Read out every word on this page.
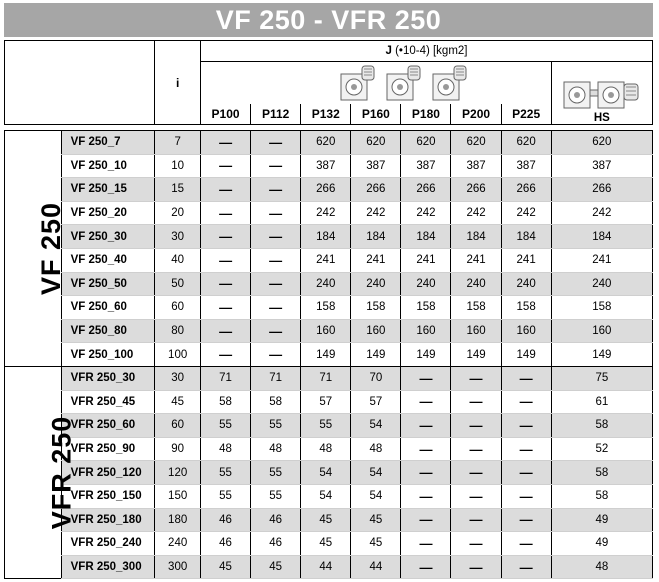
VF 250 - VFR 250
	i	J (•10-4) [kgm2]							

HS
		P100	P112	P132	P160	P180	P200	P225	
VF 250	VF 250_7	7	—	—	620	620	620	620	620	620
	VF 250_10	10	—	—	387	387	387	387	387	387
	VF 250_15	15	—	—	266	266	266	266	266	266
	VF 250_20	20	—	—	242	242	242	242	242	242
	VF 250_30	30	—	—	184	184	184	184	184	184
	VF 250_40	40	—	—	241	241	241	241	241	241
	VF 250_50	50	—	—	240	240	240	240	240	240
	VF 250_60	60	—	—	158	158	158	158	158	158
	VF 250_80	80	—	—	160	160	160	160	160	160
	VF 250_100	100	—	—	149	149	149	149	149	149
VFR 250	VFR 250_30	30	71	71	71	70	—	—	—	75
	VFR 250_45	45	58	58	57	57	—	—	—	61
	VFR 250_60	60	55	55	55	54	—	—	—	58
	VFR 250_90	90	48	48	48	48	—	—	—	52
	VFR 250_120	120	55	55	54	54	—	—	—	58
	VFR 250_150	150	55	55	54	54	—	—	—	58
	VFR 250_180	180	46	46	45	45	—	—	—	49
	VFR 250_240	240	46	46	45	45	—	—	—	49
	VFR 250_300	300	45	45	44	44	—	—	—	48
